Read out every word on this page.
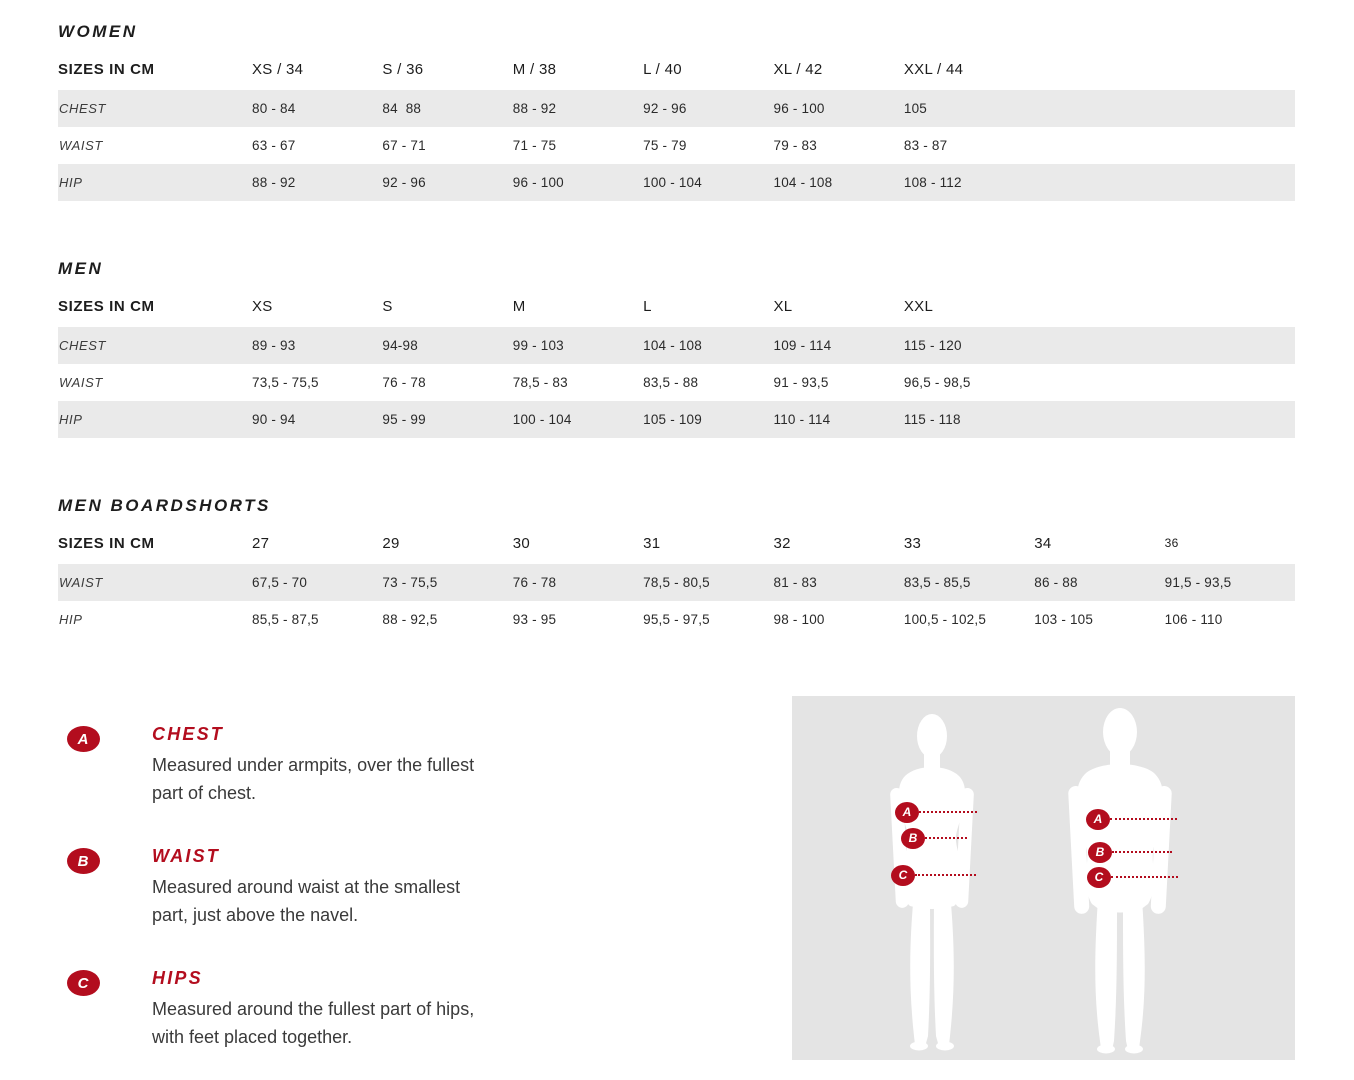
WOMEN
SIZES IN CM	XS / 34	S / 36	M / 38	L / 40	XL / 42	XXL / 44
CHEST	80 - 84	84  88	88 - 92	92 - 96	96 - 100	105
WAIST	63 - 67	67 - 71	71 - 75	75 - 79	79 - 83	83 - 87
HIP	88 - 92	92 - 96	96 - 100	100 - 104	104 - 108	108 - 112
MEN
SIZES IN CM	XS	S	M	L	XL	XXL
CHEST	89 - 93	94-98	99 - 103	104 - 108	109 - 114	115 - 120
WAIST	73,5 - 75,5	76 - 78	78,5 - 83	83,5 - 88	91 - 93,5	96,5 - 98,5
HIP	90 - 94	95 - 99	100 - 104	105 - 109	110 - 114	115 - 118
MEN BOARDSHORTS
SIZES IN CM	27	29	30	31	32	33	34	36
WAIST	67,5 - 70	73 - 75,5	76 - 78	78,5 - 80,5	81 - 83	83,5 - 85,5	86 - 88	91,5 - 93,5
HIP	85,5 - 87,5	88 - 92,5	93 - 95	95,5 - 97,5	98 - 100	100,5 - 102,5	103 - 105	106 - 110
A	CHEST

Measured under armpits, over the fullest
part of chest.

B	WAIST

Measured around waist at the smallest
part, just above the navel.

C	HIPS

Measured around the fullest part of hips,
with feet placed together.

A
B
C
A
B
C
